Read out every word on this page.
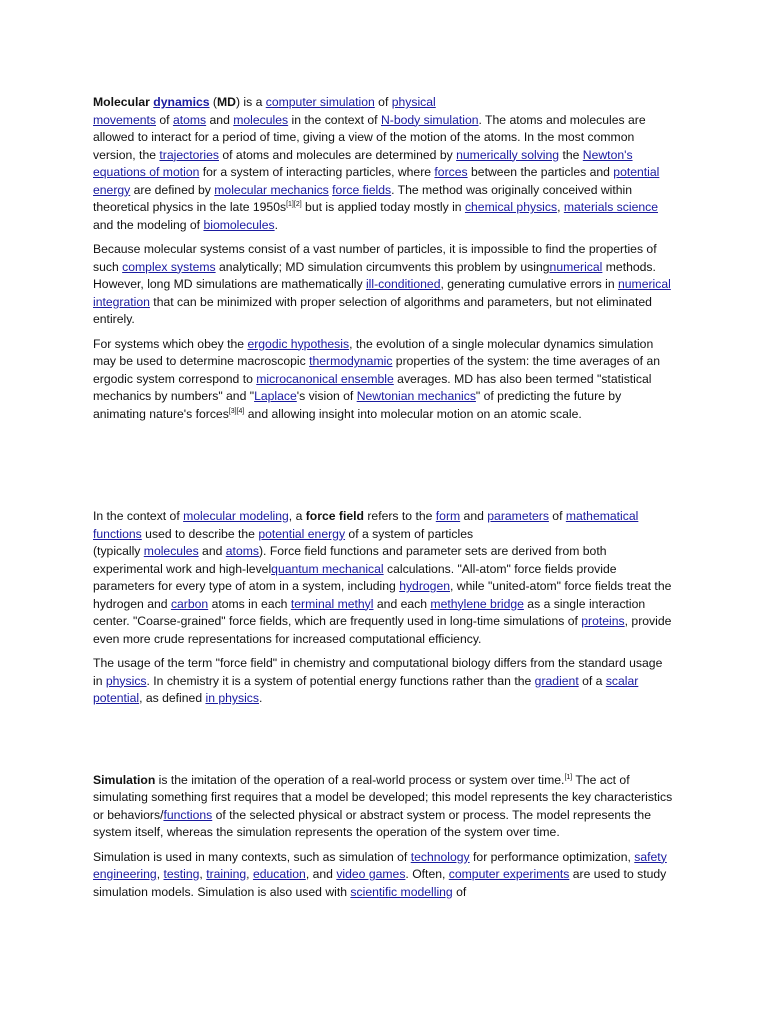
Molecular dynamics (MD) is a computer simulation of physical
movements of atoms and molecules in the context of N-body simulation. The atoms and molecules are allowed to interact for a period of time, giving a view of the motion of the atoms. In the most common version, the trajectories of atoms and molecules are determined by numerically solving the Newton's equations of motion for a system of interacting particles, where forces between the particles and potential energy are defined by molecular mechanics force fields. The method was originally conceived within theoretical physics in the late 1950s[1][2] but is applied today mostly in chemical physics, materials science and the modeling of biomolecules.

Because molecular systems consist of a vast number of particles, it is impossible to find the properties of such complex systems analytically; MD simulation circumvents this problem by usingnumerical methods. However, long MD simulations are mathematically ill-conditioned, generating cumulative errors in numerical integration that can be minimized with proper selection of algorithms and parameters, but not eliminated entirely.

For systems which obey the ergodic hypothesis, the evolution of a single molecular dynamics simulation may be used to determine macroscopic thermodynamic properties of the system: the time averages of an ergodic system correspond to microcanonical ensemble averages. MD has also been termed "statistical mechanics by numbers" and "Laplace's vision of Newtonian mechanics" of predicting the future by animating nature's forces[3][4] and allowing insight into molecular motion on an atomic scale.

In the context of molecular modeling, a force field refers to the form and parameters of mathematical functions used to describe the potential energy of a system of particles
(typically molecules and atoms). Force field functions and parameter sets are derived from both experimental work and high-levelquantum mechanical calculations. "All-atom" force fields provide parameters for every type of atom in a system, including hydrogen, while "united-atom" force fields treat the hydrogen and carbon atoms in each terminal methyl and each methylene bridge as a single interaction center. "Coarse-grained" force fields, which are frequently used in long-time simulations of proteins, provide even more crude representations for increased computational efficiency.

The usage of the term "force field" in chemistry and computational biology differs from the standard usage in physics. In chemistry it is a system of potential energy functions rather than the gradient of a scalar potential, as defined in physics.

Simulation is the imitation of the operation of a real-world process or system over time.[1] The act of simulating something first requires that a model be developed; this model represents the key characteristics or behaviors/functions of the selected physical or abstract system or process. The model represents the system itself, whereas the simulation represents the operation of the system over time.

Simulation is used in many contexts, such as simulation of technology for performance optimization, safety engineering, testing, training, education, and video games. Often, computer experiments are used to study simulation models. Simulation is also used with scientific modelling of
